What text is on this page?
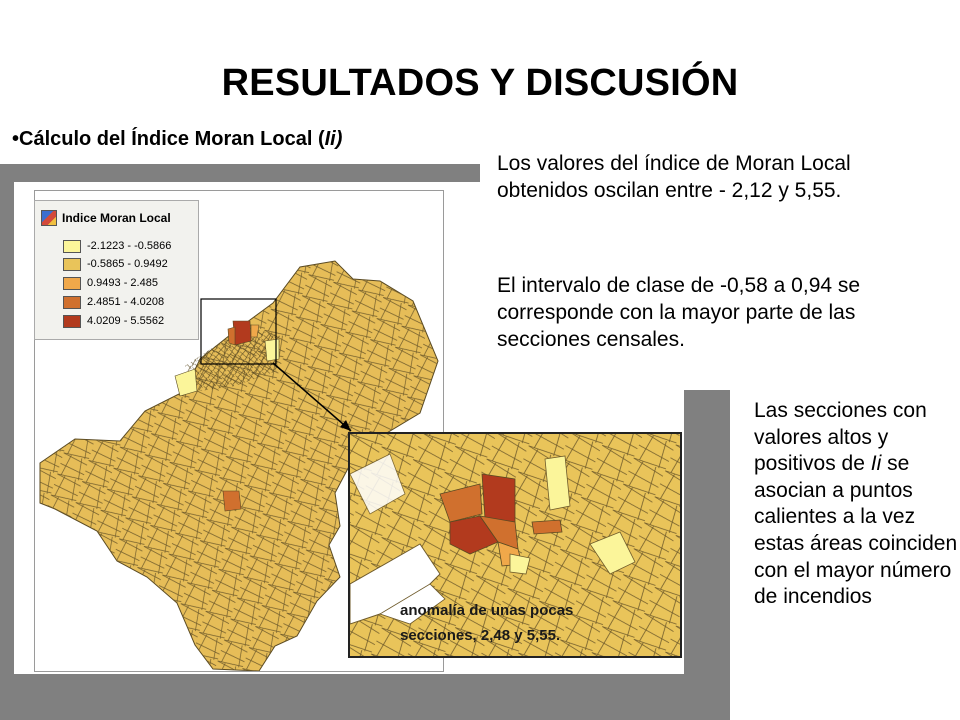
RESULTADOS Y DISCUSIÓN
•Cálculo del Índice Moran Local (Ii)
Los valores del índice de Moran Local obtenidos oscilan entre - 2,12 y 5,55.
El intervalo de clase de -0,58 a 0,94 se corresponde con la mayor parte de las secciones censales.
Las secciones con valores altos y positivos de Ii se asocian a puntos calientes a la vez estas áreas coinciden con el mayor número de incendios
Indice Moran Local
-2.1223 - -0.5866
-0.5865 - 0.9492
0.9493 - 2.485
2.4851 - 4.0208
4.0209 - 5.5562
anomalía de unas pocas
secciones, 2,48 y 5,55.
